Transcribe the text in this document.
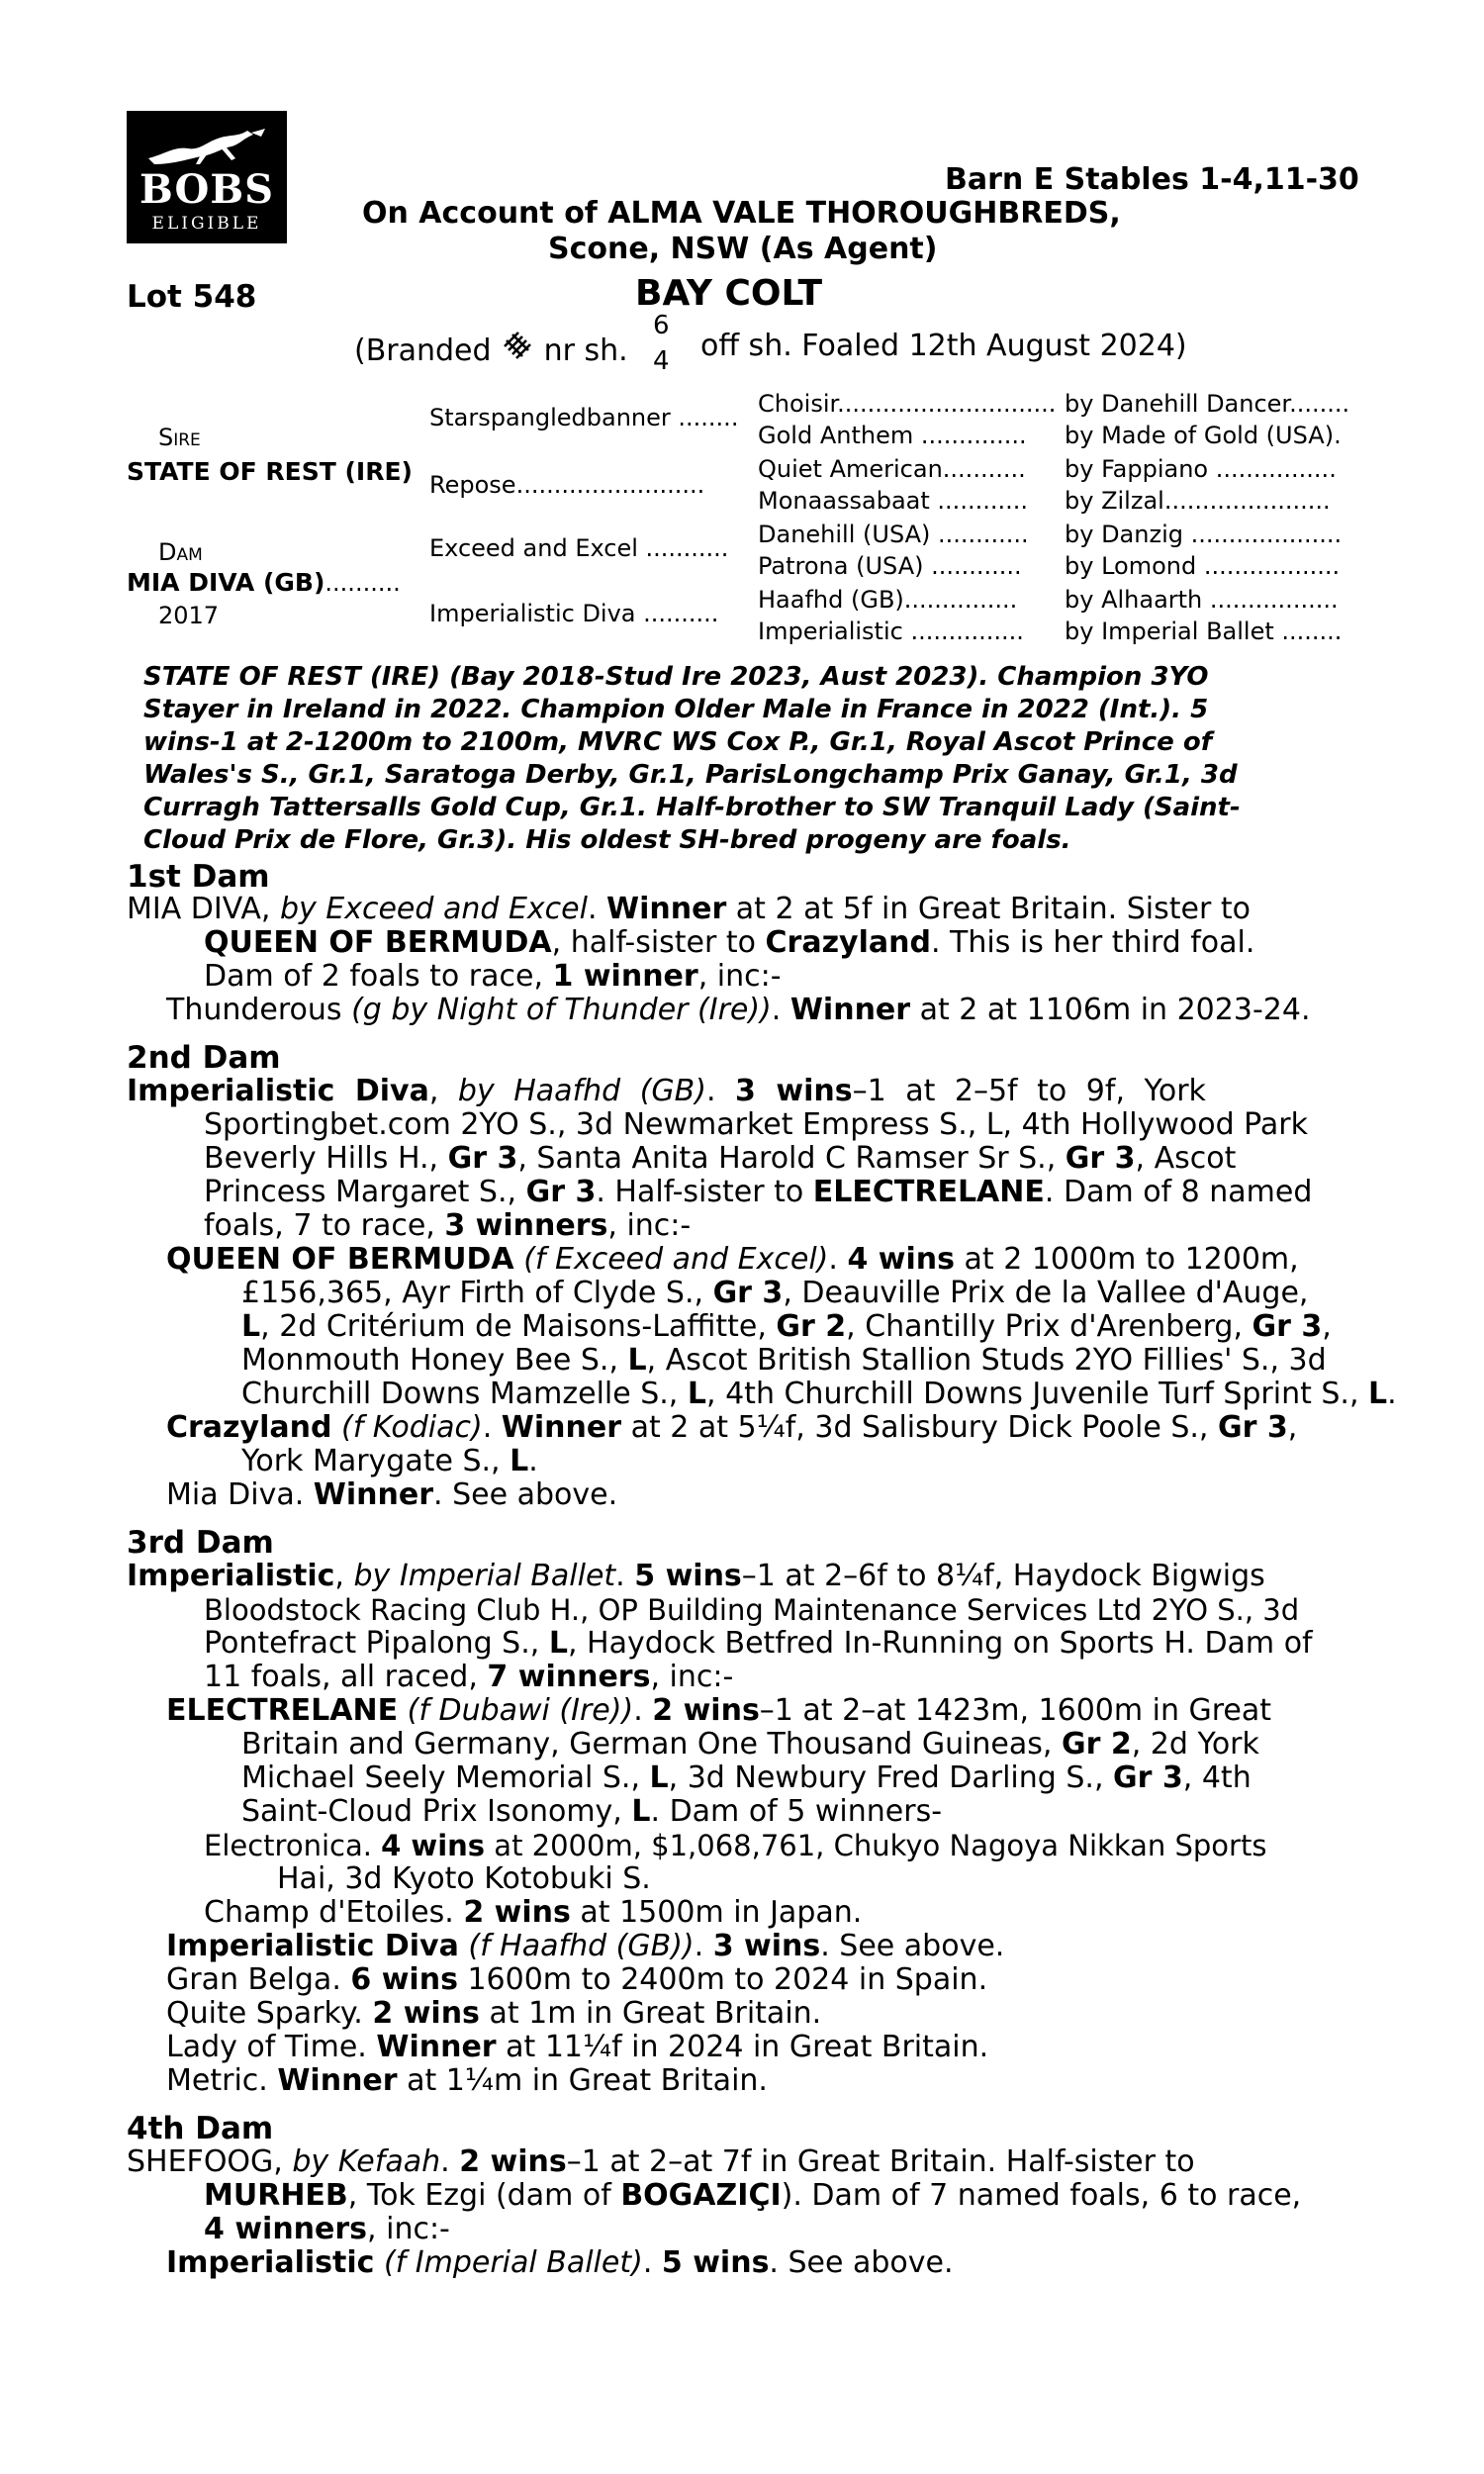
BOBS
ELIGIBLE
Barn E Stables 1-4,11-30
On Account of ALMA VALE THOROUGHBREDS,
Scone, NSW (As Agent)
Lot 548	BAY COLT
(Branded nr sh.
6
4 off sh. Foaled 12th August 2024)
Sire
STATE OF REST (IRE)
Dam
MIA DIVA (GB)..........
2017
Starspangledbanner ........
Repose.........................
Exceed and Excel ...........
Imperialistic Diva ..........
Choisir.............................
Gold Anthem ..............
Quiet American...........
Monaassabaat ............
Danehill (USA) ............
Patrona (USA) ............
Haafhd (GB)...............
Imperialistic ...............
by Danehill Dancer........
by Made of Gold (USA).
by Fappiano ................
by Zilzal......................
by Danzig ....................
by Lomond ..................
by Alhaarth .................
by Imperial Ballet ........
STATE OF REST (IRE) (Bay 2018-Stud Ire 2023, Aust 2023). Champion 3YO
Stayer in Ireland in 2022. Champion Older Male in France in 2022 (Int.). 5
wins-1 at 2-1200m to 2100m, MVRC WS Cox P., Gr.1, Royal Ascot Prince of
Wales's S., Gr.1, Saratoga Derby, Gr.1, ParisLongchamp Prix Ganay, Gr.1, 3d
Curragh Tattersalls Gold Cup, Gr.1. Half-brother to SW Tranquil Lady (Saint-
Cloud Prix de Flore, Gr.3). His oldest SH-bred progeny are foals.
1st Dam
MIA DIVA, by Exceed and Excel. Winner at 2 at 5f in Great Britain. Sister to
QUEEN OF BERMUDA, half-sister to Crazyland. This is her third foal.
Dam of 2 foals to race, 1 winner, inc:-
Thunderous (g by Night of Thunder (Ire)). Winner at 2 at 1106m in 2023-24.
2nd Dam
Imperialistic Diva, by Haafhd (GB). 3 wins–1 at 2–5f to 9f, York
Sportingbet.com 2YO S., 3d Newmarket Empress S., L, 4th Hollywood Park
Beverly Hills H., Gr 3, Santa Anita Harold C Ramser Sr S., Gr 3, Ascot
Princess Margaret S., Gr 3. Half-sister to ELECTRELANE. Dam of 8 named
foals, 7 to race, 3 winners, inc:-
QUEEN OF BERMUDA (f Exceed and Excel). 4 wins at 2 1000m to 1200m,
£156,365, Ayr Firth of Clyde S., Gr 3, Deauville Prix de la Vallee d'Auge,
L, 2d Critérium de Maisons-Laffitte, Gr 2, Chantilly Prix d'Arenberg, Gr 3,
Monmouth Honey Bee S., L, Ascot British Stallion Studs 2YO Fillies' S., 3d
Churchill Downs Mamzelle S., L, 4th Churchill Downs Juvenile Turf Sprint S., L.
Crazyland (f Kodiac). Winner at 2 at 5¼f, 3d Salisbury Dick Poole S., Gr 3,
York Marygate S., L.
Mia Diva. Winner. See above.
3rd Dam
Imperialistic, by Imperial Ballet. 5 wins–1 at 2–6f to 8¼f, Haydock Bigwigs
Bloodstock Racing Club H., OP Building Maintenance Services Ltd 2YO S., 3d
Pontefract Pipalong S., L, Haydock Betfred In-Running on Sports H. Dam of
11 foals, all raced, 7 winners, inc:-
ELECTRELANE (f Dubawi (Ire)). 2 wins–1 at 2–at 1423m, 1600m in Great
Britain and Germany, German One Thousand Guineas, Gr 2, 2d York
Michael Seely Memorial S., L, 3d Newbury Fred Darling S., Gr 3, 4th
Saint-Cloud Prix Isonomy, L. Dam of 5 winners-
Electronica. 4 wins at 2000m, $1,068,761, Chukyo Nagoya Nikkan Sports
Hai, 3d Kyoto Kotobuki S.
Champ d'Etoiles. 2 wins at 1500m in Japan.
Imperialistic Diva (f Haafhd (GB)). 3 wins. See above.
Gran Belga. 6 wins 1600m to 2400m to 2024 in Spain.
Quite Sparky. 2 wins at 1m in Great Britain.
Lady of Time. Winner at 11¼f in 2024 in Great Britain.
Metric. Winner at 1¼m in Great Britain.
4th Dam
SHEFOOG, by Kefaah. 2 wins–1 at 2–at 7f in Great Britain. Half-sister to
MURHEB, Tok Ezgi (dam of BOGAZIÇI). Dam of 7 named foals, 6 to race,
4 winners, inc:-
Imperialistic (f Imperial Ballet). 5 wins. See above.
